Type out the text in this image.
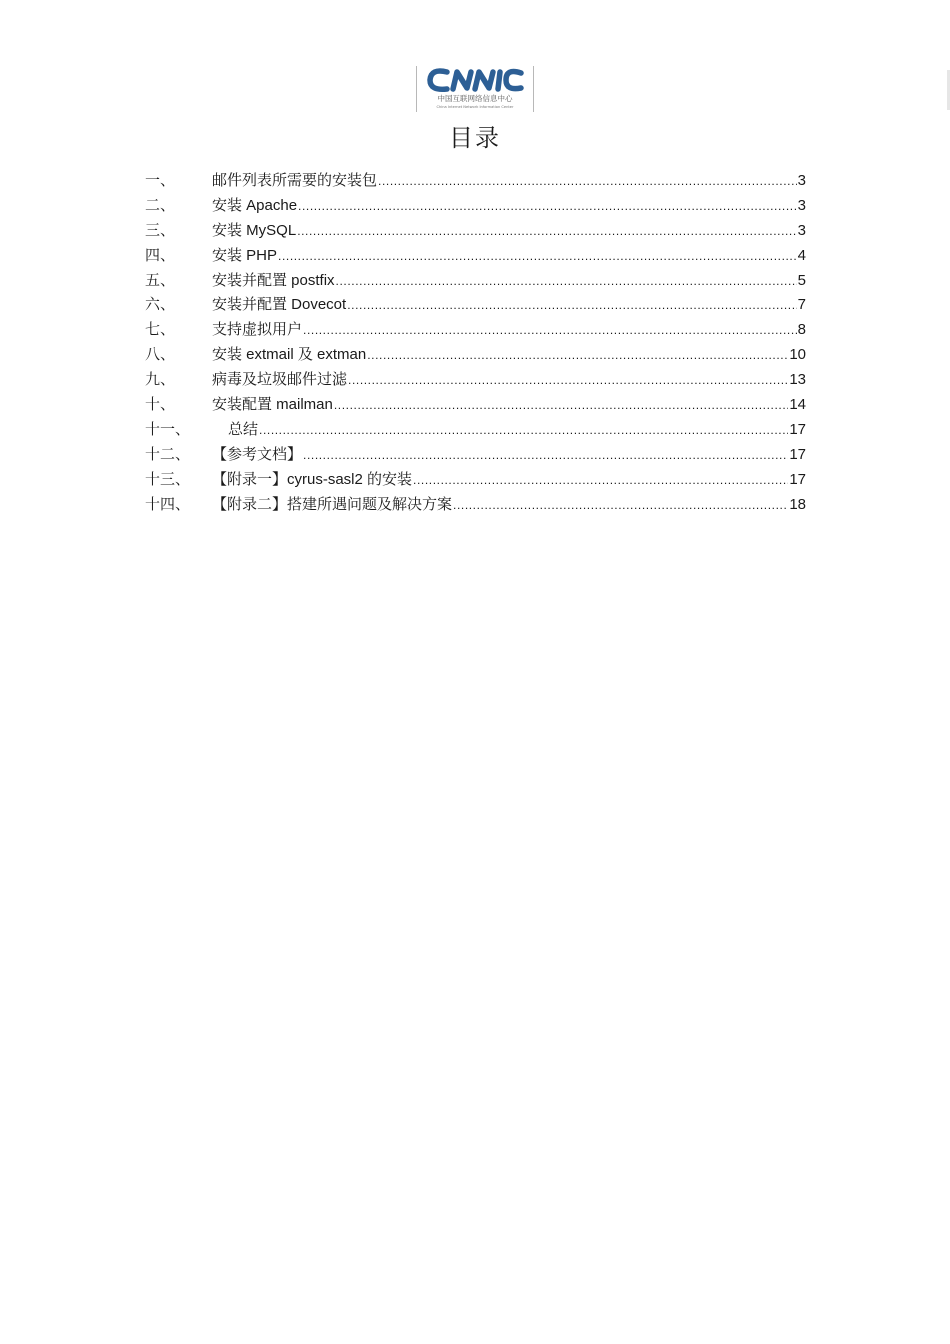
中国互联网络信息中心
China Internet Network Information Center
目录
一、	邮件列表所需要的安装包 .....	3
二、	安装 Apache .....	3
三、	安装 MySQL .....	3
四、	安装 PHP .....	4
五、	安装并配置 postfix .....	5
六、	安装并配置 Dovecot .....	7
七、	支持虚拟用户 .....	8
八、	安装 extmail 及 extman .....	10
九、	病毒及垃圾邮件过滤 .....	13
十、	安装配置 mailman .....	14
十一、	总结 .....	17
十二、	【参考文档】 .....	17
十三、	【附录一】cyrus-sasl2 的安装 .....	17
十四、	【附录二】搭建所遇问题及解决方案 .....	18
